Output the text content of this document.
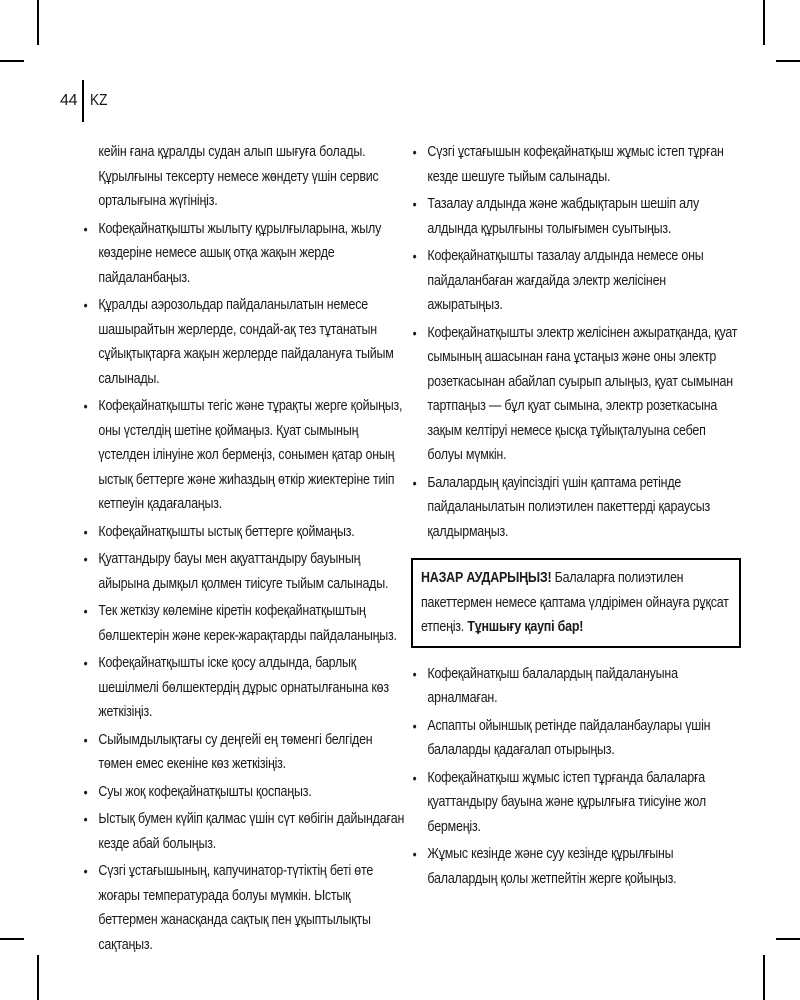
44 KZ

кейін ғана құралды судан алып шығуға болады. Құрылғыны тексерту немесе жөндету үшін сервис орталығына жүгініңіз.

• Кофеқайнатқышты жылыту құрылғыларына, жылу көздеріне немесе ашық отқа жақын жерде пайдаланбаңыз.
• Құралды аэрозольдар пайдаланылатын немесе шашырайтын жерлерде, сондай-ақ тез тұтанатын сұйықтықтарға жақын жерлерде пайдалануға тыйым салынады.
• Кофеқайнатқышты тегіс және тұрақты жерге қойыңыз, оны үстелдің шетіне қоймаңыз. Қуат сымының үстелден ілінуіне жол бермеңіз, сонымен қатар оның ыстық беттерге және жиһаздың өткір жиектеріне тиіп кетпеуін қадағалаңыз.
• Кофеқайнатқышты ыстық беттерге қоймаңыз.
• Қуаттандыру бауы мен ақуаттандыру бауының айырына дымқыл қолмен тиісуге тыйым салынады.
• Тек жеткізу көлеміне кіретін кофеқайнатқыштың бөлшектерін және керек-жарақтарды пайдаланыңыз.
• Кофеқайнатқышты іске қосу алдында, барлық шешілмелі бөлшектердің дұрыс орнатылғанына көз жеткізіңіз.
• Сыйымдылықтағы су деңгейі ең төменгі белгіден төмен емес екеніне көз жеткізіңіз.
• Суы жоқ кофеқайнатқышты қоспаңыз.
• Ыстық бумен күйіп қалмас үшін сүт көбігін дайындаған кезде абай болыңыз.
• Сүзгі ұстағышының, капучинатор-түтіктің беті өте жоғары температурада болуы мүмкін. Ыстық беттермен жанасқанда сақтық пен ұқыптылықты сақтаңыз.
• Сүзгі ұстағышын кофеқайнатқыш жұмыс істеп тұрған кезде шешуге тыйым салынады.
• Тазалау алдында және жабдықтарын шешіп алу алдында құрылғыны толығымен суытыңыз.
• Кофеқайнатқышты тазалау алдында немесе оны пайдаланбаған жағдайда электр желісінен ажыратыңыз.
• Кофеқайнатқышты электр желісінен ажыратқанда, қуат сымының ашасынан ғана ұстаңыз және оны электр розеткасынан абайлап суырып алыңыз, қуат сымынан тартпаңыз — бұл қуат сымына, электр розеткасына зақым келтіруі немесе қысқа тұйықталуына себеп болуы мүмкін.
• Балалардың қауіпсіздігі үшін қаптама ретінде пайдаланылатын полиэтилен пакеттерді қараусыз қалдырмаңыз.
НАЗАР АУДАРЫҢЫЗ! Балаларға полиэтилен пакеттермен немесе қаптама үлдірімен ойнауға рұқсат етпеңіз. Тұншығу қаупі бар!
• Кофеқайнатқыш балалардың пайдалануына арналмаған.
• Аспапты ойыншық ретінде пайдаланбаулары үшін балаларды қадағалап отырыңыз.
• Кофеқайнатқыш жұмыс істеп тұрғанда балаларға қуаттандыру бауына және құрылғыға тиісуіне жол бермеңіз.
• Жұмыс кезінде және суу кезінде құрылғыны балалардың қолы жетпейтін жерге қойыңыз.
